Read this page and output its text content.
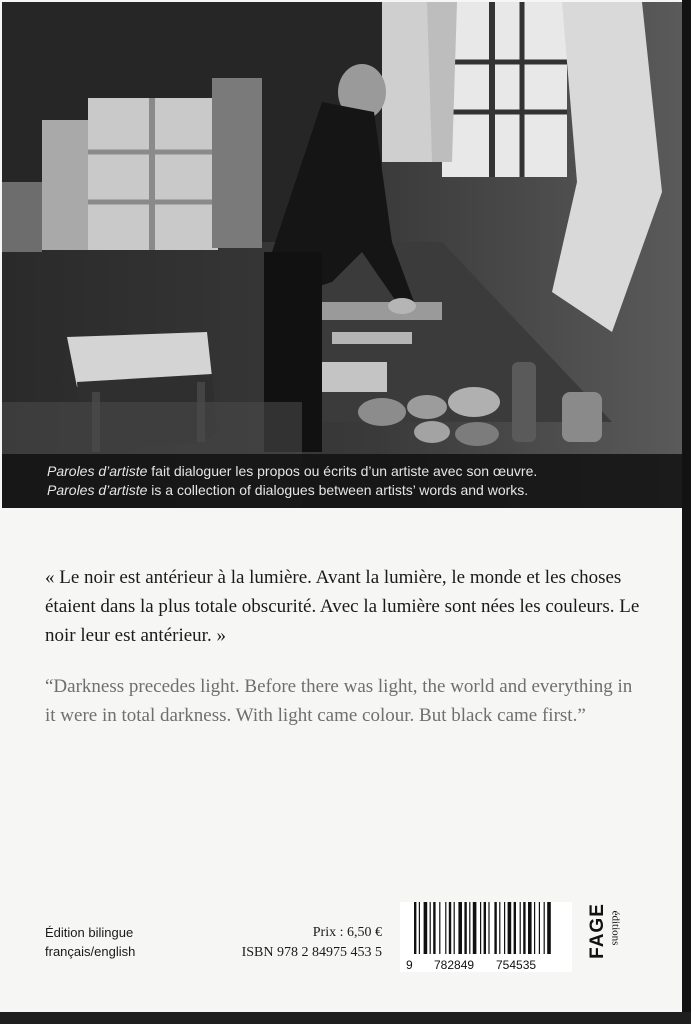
Paroles d’artiste fait dialoguer les propos ou écrits d’un artiste avec son œuvre.
Paroles d’artiste is a collection of dialogues between artists’ words and works.
« Le noir est antérieur à la lumière. Avant la lumière, le monde et les choses étaient dans la plus totale obscurité. Avec la lumière sont nées les couleurs. Le noir leur est antérieur. »
“Darkness precedes light. Before there was light, the world and everything in it were in total darkness. With light came colour. But black came first.”
Édition bilingue
français/english
Prix : 6,50 €
ISBN 978 2 84975 453 5
9 782849 754535
FAGE éditions
